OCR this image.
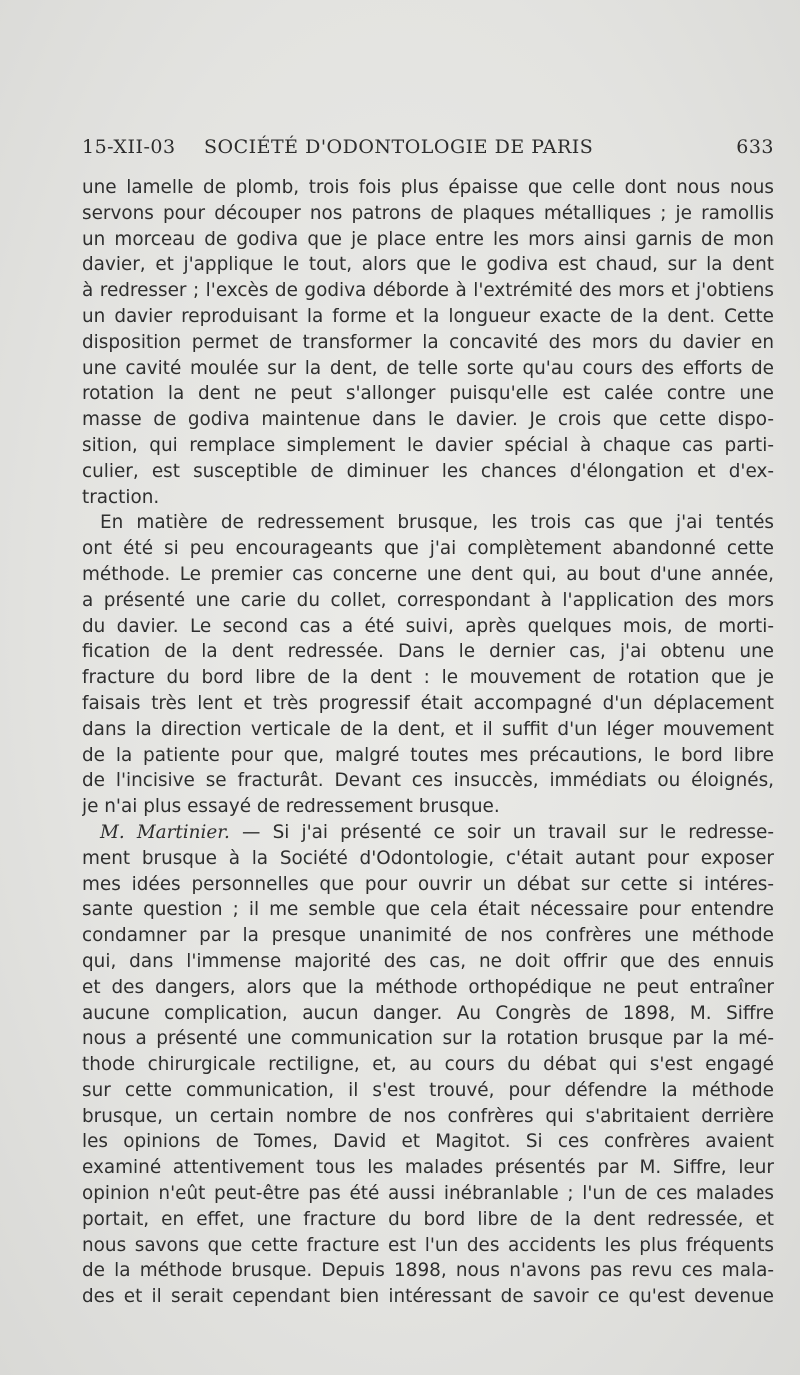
15-XII-03 SOCIÉTÉ D'ODONTOLOGIE DE PARIS	633

une lamelle de plomb, trois fois plus épaisse que celle dont nous nous

servons pour découper nos patrons de plaques métalliques ; je ramollis

un morceau de godiva que je place entre les mors ainsi garnis de mon

davier, et j'applique le tout, alors que le godiva est chaud, sur la dent

à redresser ; l'excès de godiva déborde à l'extrémité des mors et j'obtiens

un davier reproduisant la forme et la longueur exacte de la dent. Cette

disposition permet de transformer la concavité des mors du davier en

une cavité moulée sur la dent, de telle sorte qu'au cours des efforts de

rotation la dent ne peut s'allonger puisqu'elle est calée contre une

masse de godiva maintenue dans le davier. Je crois que cette dispo-

sition, qui remplace simplement le davier spécial à chaque cas parti-

culier, est susceptible de diminuer les chances d'élongation et d'ex-

traction.

En matière de redressement brusque, les trois cas que j'ai tentés

ont été si peu encourageants que j'ai complètement abandonné cette

méthode. Le premier cas concerne une dent qui, au bout d'une année,

a présenté une carie du collet, correspondant à l'application des mors

du davier. Le second cas a été suivi, après quelques mois, de morti-

fication de la dent redressée. Dans le dernier cas, j'ai obtenu une

fracture du bord libre de la dent : le mouvement de rotation que je

faisais très lent et très progressif était accompagné d'un déplacement

dans la direction verticale de la dent, et il suffit d'un léger mouvement

de la patiente pour que, malgré toutes mes précautions, le bord libre

de l'incisive se fracturât. Devant ces insuccès, immédiats ou éloignés,

je n'ai plus essayé de redressement brusque.

M. Martinier. — Si j'ai présenté ce soir un travail sur le redresse-

ment brusque à la Société d'Odontologie, c'était autant pour exposer

mes idées personnelles que pour ouvrir un débat sur cette si intéres-

sante question ; il me semble que cela était nécessaire pour entendre

condamner par la presque unanimité de nos confrères une méthode

qui, dans l'immense majorité des cas, ne doit offrir que des ennuis

et des dangers, alors que la méthode orthopédique ne peut entraîner

aucune complication, aucun danger. Au Congrès de 1898, M. Siffre

nous a présenté une communication sur la rotation brusque par la mé-

thode chirurgicale rectiligne, et, au cours du débat qui s'est engagé

sur cette communication, il s'est trouvé, pour défendre la méthode

brusque, un certain nombre de nos confrères qui s'abritaient derrière

les opinions de Tomes, David et Magitot. Si ces confrères avaient

examiné attentivement tous les malades présentés par M. Siffre, leur

opinion n'eût peut-être pas été aussi inébranlable ; l'un de ces malades

portait, en effet, une fracture du bord libre de la dent redressée, et

nous savons que cette fracture est l'un des accidents les plus fréquents

de la méthode brusque. Depuis 1898, nous n'avons pas revu ces mala-

des et il serait cependant bien intéressant de savoir ce qu'est devenue
